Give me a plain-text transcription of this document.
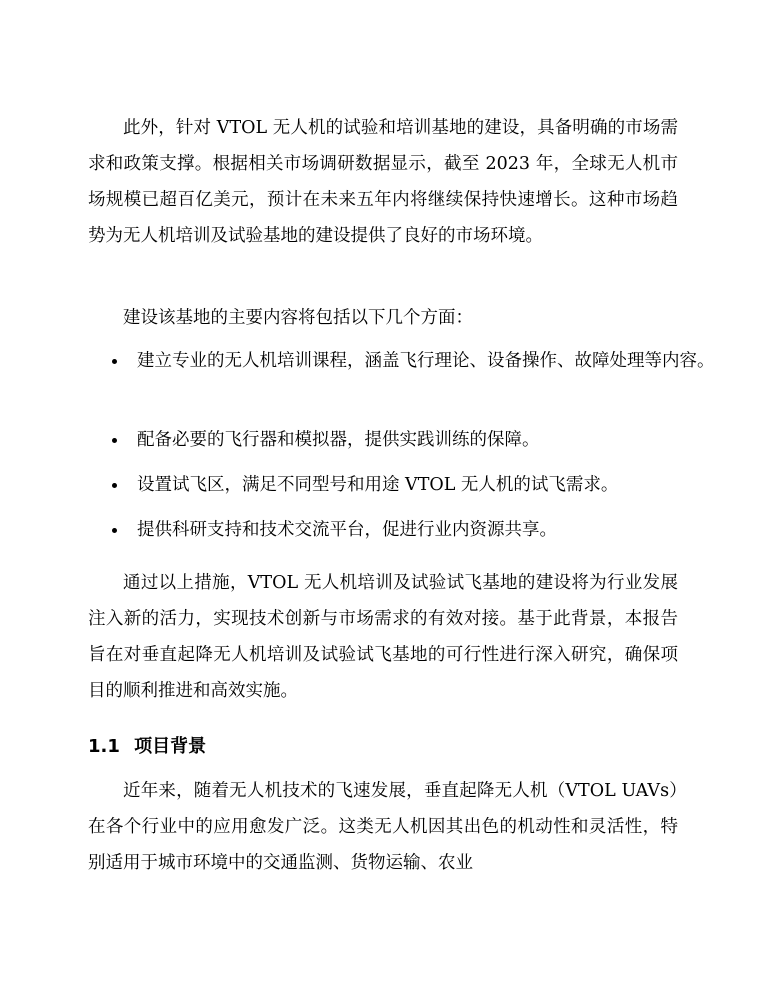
此外，针对 VTOL 无人机的试验和培训基地的建设，具备明确的市场需求和政策支撑。根据相关市场调研数据显示，截至 2023 年，全球无人机市场规模已超百亿美元，预计在未来五年内将继续保持快速增长。这种市场趋势为无人机培训及试验基地的建设提供了良好的市场环境。

建设该基地的主要内容将包括以下几个方面：

建立专业的无人机培训课程，涵盖飞行理论、设备操作、故障处理等内容。
配备必要的飞行器和模拟器，提供实践训练的保障。
设置试飞区，满足不同型号和用途 VTOL 无人机的试飞需求。
提供科研支持和技术交流平台，促进行业内资源共享。

通过以上措施，VTOL 无人机培训及试验试飞基地的建设将为行业发展注入新的活力，实现技术创新与市场需求的有效对接。基于此背景，本报告旨在对垂直起降无人机培训及试验试飞基地的可行性进行深入研究，确保项目的顺利推进和高效实施。

1.1 项目背景

近年来，随着无人机技术的飞速发展，垂直起降无人机（VTOL UAVs）在各个行业中的应用愈发广泛。这类无人机因其出色的机动性和灵活性，特别适用于城市环境中的交通监测、货物运输、农业
